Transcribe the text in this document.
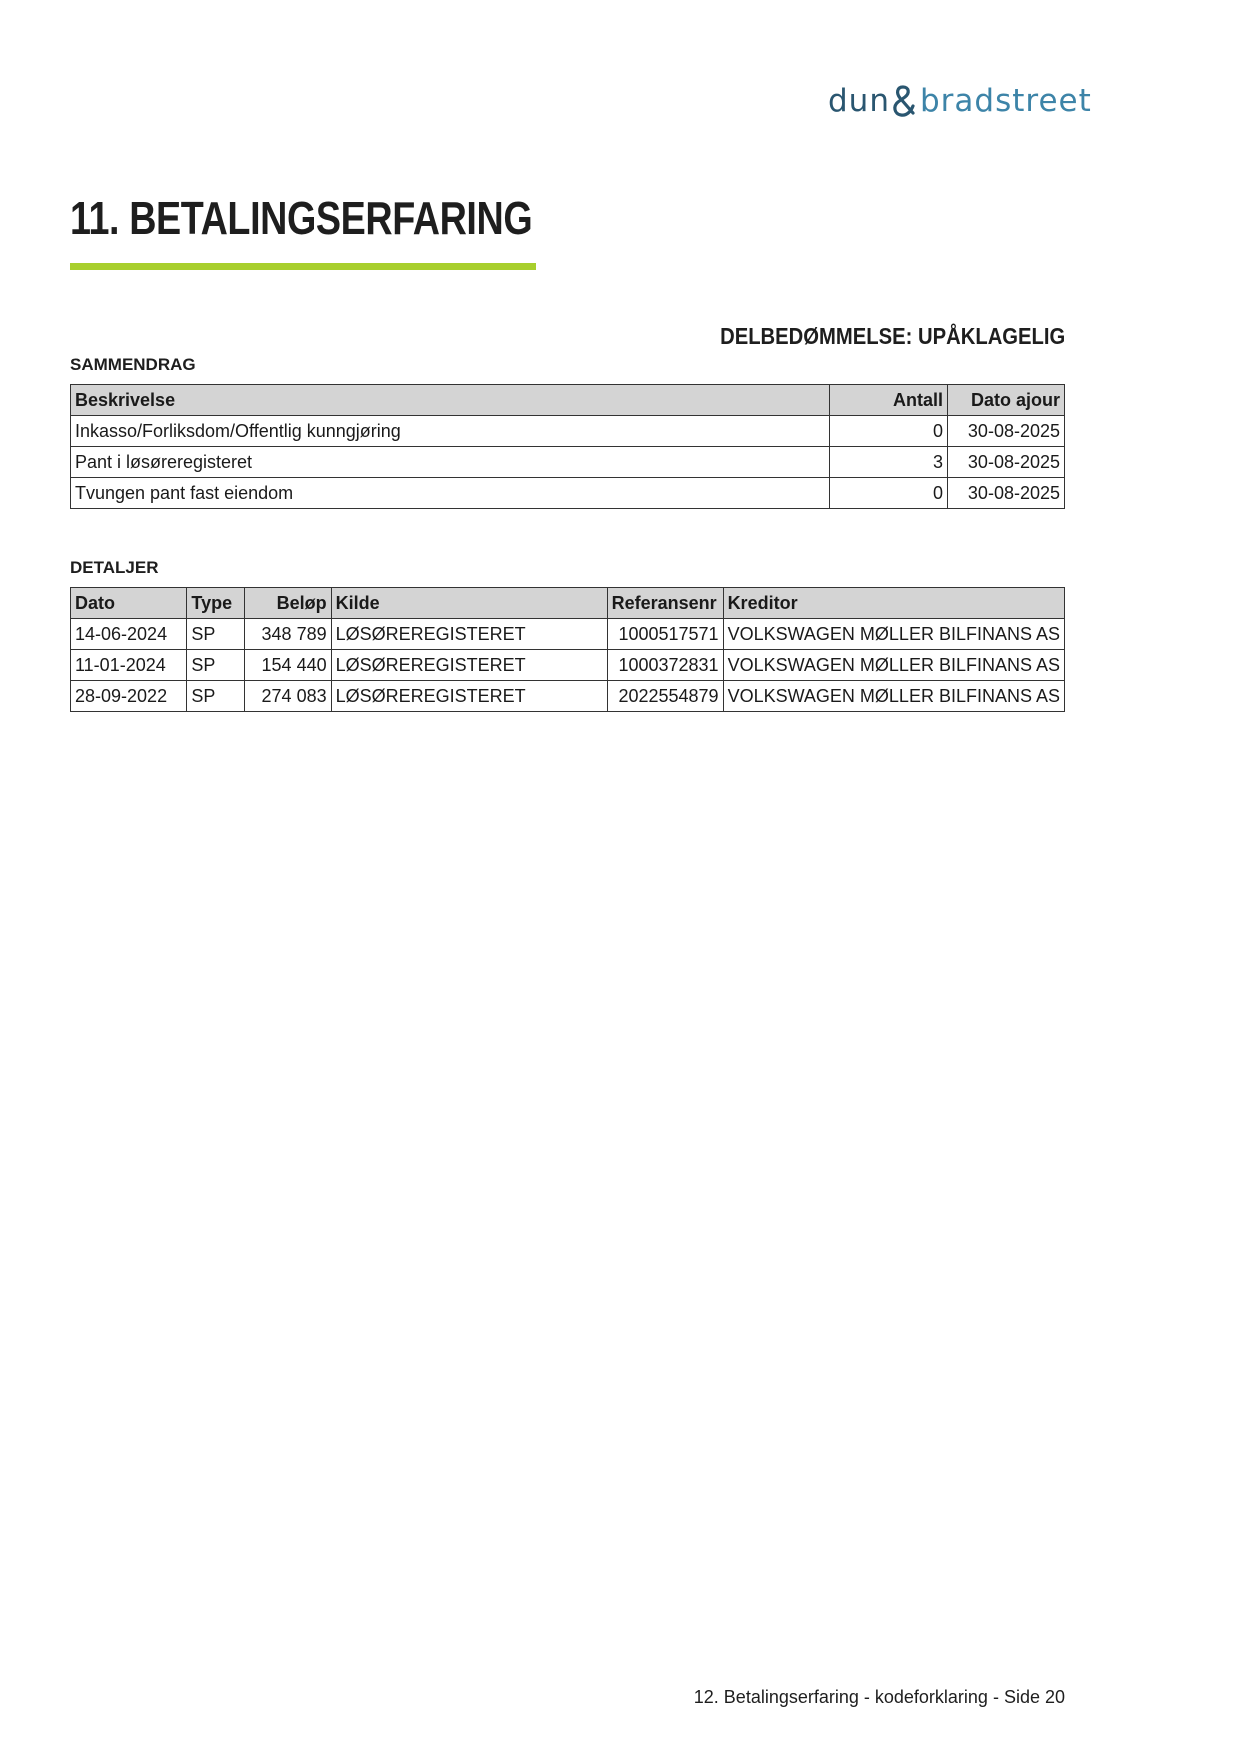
dun bradstreet
11. BETALINGSERFARING
DELBEDØMMELSE: UPÅKLAGELIG
SAMMENDRAG
Beskrivelse	Antall	Dato ajour
Inkasso/Forliksdom/Offentlig kunngjøring	0	30-08-2025
Pant i løsøreregisteret	3	30-08-2025
Tvungen pant fast eiendom	0	30-08-2025
DETALJER
Dato	Type	Beløp	Kilde	Referansenr	Kreditor
14-06-2024	SP	348 789	LØSØREREGISTERET	1000517571	VOLKSWAGEN MØLLER BILFINANS AS
11-01-2024	SP	154 440	LØSØREREGISTERET	1000372831	VOLKSWAGEN MØLLER BILFINANS AS
28-09-2022	SP	274 083	LØSØREREGISTERET	2022554879	VOLKSWAGEN MØLLER BILFINANS AS
12. Betalingserfaring - kodeforklaring - Side 20
